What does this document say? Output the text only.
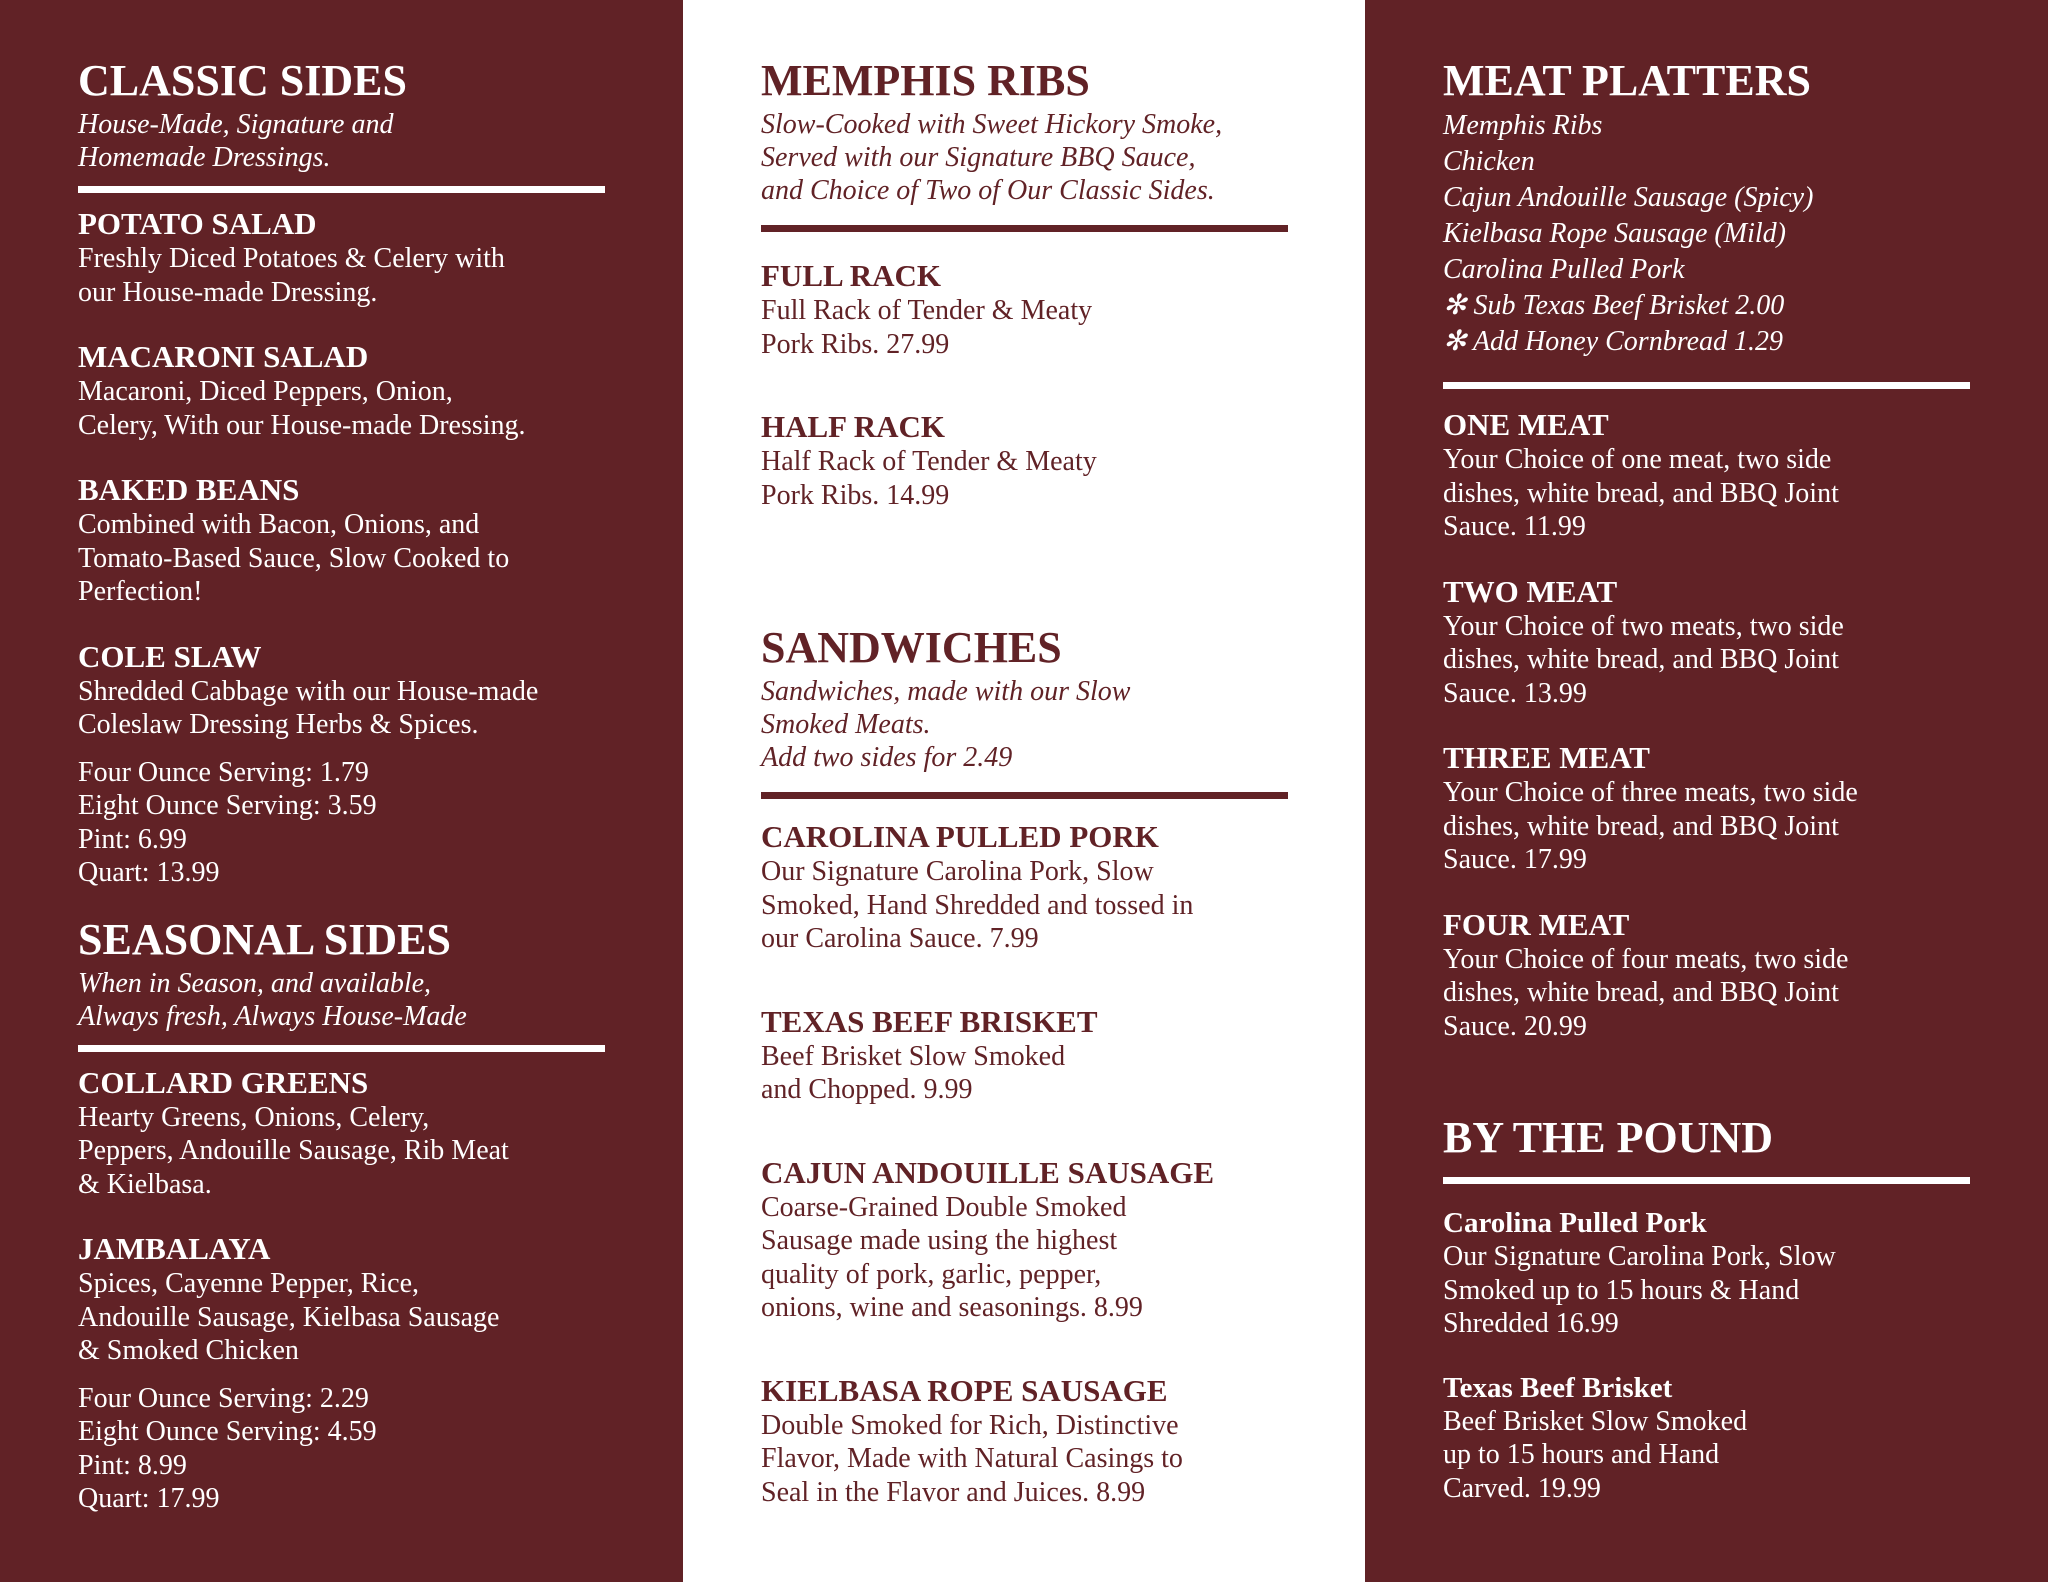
CLASSIC SIDES

House-Made, Signature and

Homemade Dressings.

POTATO SALAD

Freshly Diced Potatoes & Celery with

our House-made Dressing.

MACARONI SALAD

Macaroni, Diced Peppers, Onion,

Celery, With our House-made Dressing.

BAKED BEANS

Combined with Bacon, Onions, and

Tomato-Based Sauce, Slow Cooked to

Perfection!

COLE SLAW

Shredded Cabbage with our House-made

Coleslaw Dressing Herbs & Spices.

Four Ounce Serving: 1.79

Eight Ounce Serving: 3.59

Pint: 6.99

Quart: 13.99

SEASONAL SIDES

When in Season, and available,

Always fresh, Always House-Made

COLLARD GREENS

Hearty Greens, Onions, Celery,

Peppers, Andouille Sausage, Rib Meat

& Kielbasa.

JAMBALAYA

Spices, Cayenne Pepper, Rice,

Andouille Sausage, Kielbasa Sausage

& Smoked Chicken

Four Ounce Serving: 2.29

Eight Ounce Serving: 4.59

Pint: 8.99

Quart: 17.99

MEMPHIS RIBS

Slow-Cooked with Sweet Hickory Smoke,

Served with our Signature BBQ Sauce,

and Choice of Two of Our Classic Sides.

FULL RACK

Full Rack of Tender & Meaty

Pork Ribs. 27.99

HALF RACK

Half Rack of Tender & Meaty

Pork Ribs. 14.99

SANDWICHES

Sandwiches, made with our Slow

Smoked Meats.

Add two sides for 2.49

CAROLINA PULLED PORK

Our Signature Carolina Pork, Slow

Smoked, Hand Shredded and tossed in

our Carolina Sauce. 7.99

TEXAS BEEF BRISKET

Beef Brisket Slow Smoked

and Chopped. 9.99

CAJUN ANDOUILLE SAUSAGE

Coarse-Grained Double Smoked

Sausage made using the highest

quality of pork, garlic, pepper,

onions, wine and seasonings. 8.99

KIELBASA ROPE SAUSAGE

Double Smoked for Rich, Distinctive

Flavor, Made with Natural Casings to

Seal in the Flavor and Juices. 8.99

MEAT PLATTERS

Memphis Ribs

Chicken

Cajun Andouille Sausage (Spicy)

Kielbasa Rope Sausage (Mild)

Carolina Pulled Pork

✻ Sub Texas Beef Brisket 2.00

✻ Add Honey Cornbread 1.29

ONE MEAT

Your Choice of one meat, two side

dishes, white bread, and BBQ Joint

Sauce. 11.99

TWO MEAT

Your Choice of two meats, two side

dishes, white bread, and BBQ Joint

Sauce. 13.99

THREE MEAT

Your Choice of three meats, two side

dishes, white bread, and BBQ Joint

Sauce. 17.99

FOUR MEAT

Your Choice of four meats, two side

dishes, white bread, and BBQ Joint

Sauce. 20.99

BY THE POUND

Carolina Pulled Pork

Our Signature Carolina Pork, Slow

Smoked up to 15 hours & Hand

Shredded 16.99

Texas Beef Brisket

Beef Brisket Slow Smoked

up to 15 hours and Hand

Carved. 19.99
